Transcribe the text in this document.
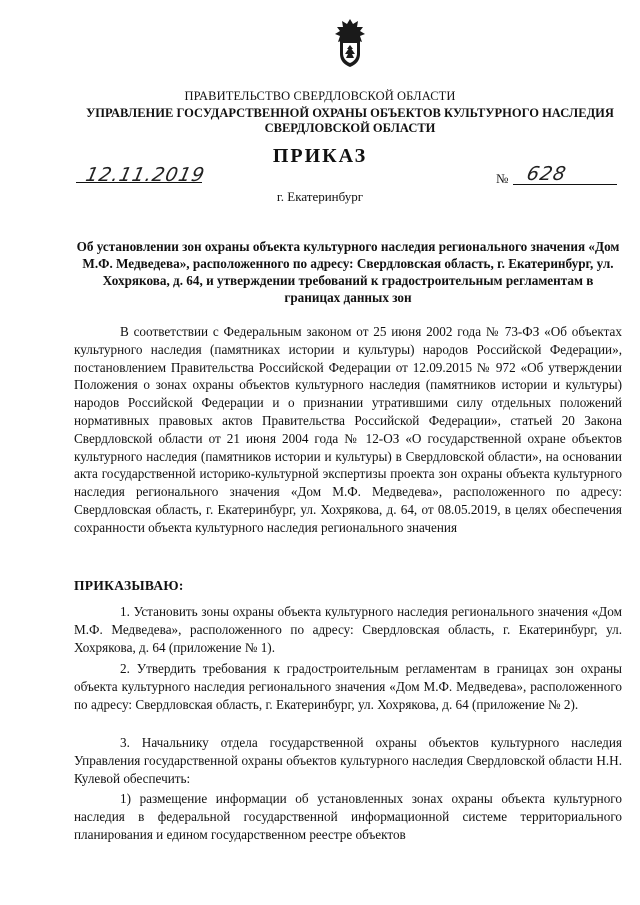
ПРАВИТЕЛЬСТВО СВЕРДЛОВСКОЙ ОБЛАСТИ
УПРАВЛЕНИЕ ГОСУДАРСТВЕННОЙ ОХРАНЫ ОБЪЕКТОВ КУЛЬТУРНОГО НАСЛЕДИЯ СВЕРДЛОВСКОЙ ОБЛАСТИ
ПРИКАЗ
12.11.2019	№ 628
г. Екатеринбург
Об установлении зон охраны объекта культурного наследия регионального значения «Дом М.Ф. Медведева», расположенного по адресу: Свердловская область, г. Екатеринбург, ул. Хохрякова, д. 64, и утверждении требований к градостроительным регламентам в границах данных зон
В соответствии с Федеральным законом от 25 июня 2002 года № 73-ФЗ «Об объектах культурного наследия (памятниках истории и культуры) народов Российской Федерации», постановлением Правительства Российской Федерации от 12.09.2015 № 972 «Об утверждении Положения о зонах охраны объектов культурного наследия (памятников истории и культуры) народов Российской Федерации и о признании утратившими силу отдельных положений нормативных правовых актов Правительства Российской Федерации», статьей 20 Закона Свердловской области от 21 июня 2004 года № 12-ОЗ «О государственной охране объектов культурного наследия (памятников истории и культуры) в Свердловской области», на основании акта государственной историко-культурной экспертизы проекта зон охраны объекта культурного наследия регионального значения «Дом М.Ф. Медведева», расположенного по адресу: Свердловская область, г. Екатеринбург, ул. Хохрякова, д. 64, от 08.05.2019, в целях обеспечения сохранности объекта культурного наследия регионального значения
ПРИКАЗЫВАЮ:
1. Установить зоны охраны объекта культурного наследия регионального значения «Дом М.Ф. Медведева», расположенного по адресу: Свердловская область, г. Екатеринбург, ул. Хохрякова, д. 64 (приложение № 1).
2. Утвердить требования к градостроительным регламентам в границах зон охраны объекта культурного наследия регионального значения «Дом М.Ф. Медведева», расположенного по адресу: Свердловская область, г. Екатеринбург, ул. Хохрякова, д. 64 (приложение № 2).
3. Начальнику отдела государственной охраны объектов культурного наследия Управления государственной охраны объектов культурного наследия Свердловской области Н.Н. Кулевой обеспечить:
1) размещение информации об установленных зонах охраны объекта культурного наследия в федеральной государственной информационной системе территориального планирования и едином государственном реестре объектов
